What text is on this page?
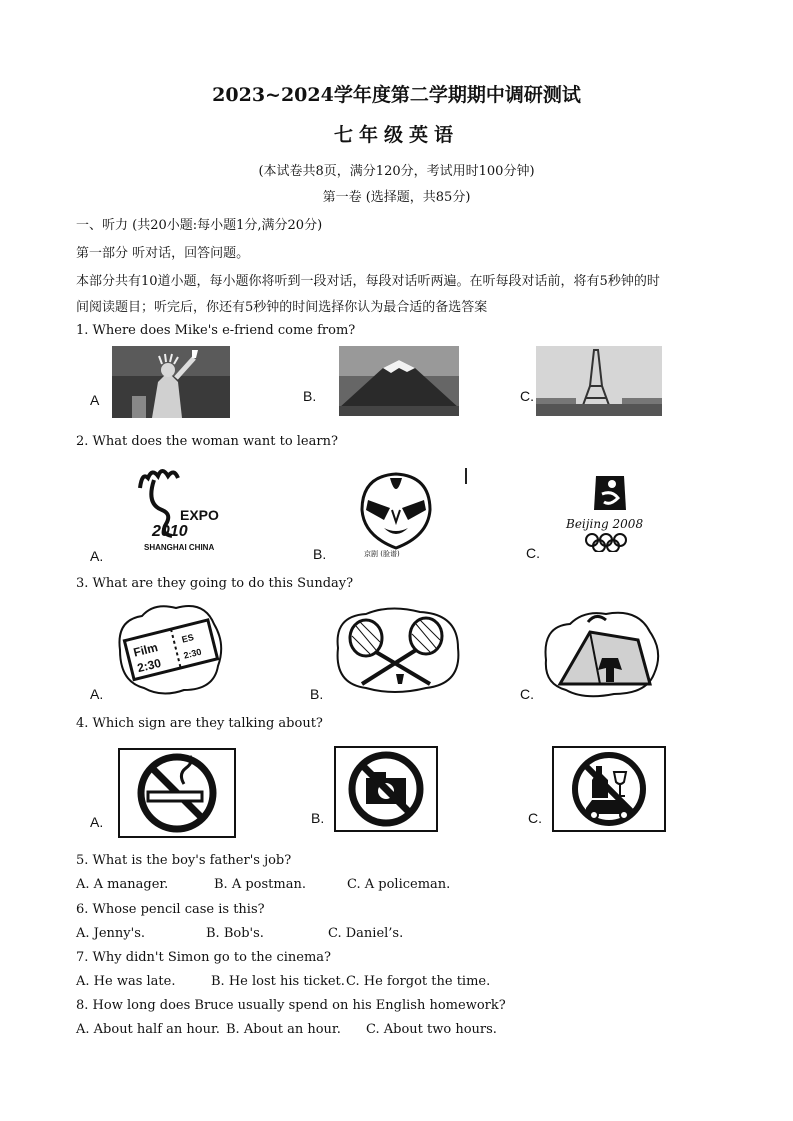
2023~2024学年度第二学期期中调研测试
七年级英语
(本试卷共8页，满分120分，考试用时100分钟)
第一卷 (选择题，共85分)
一、听力 (共20小题:每小题1分,满分20分)
第一部分 听对话，回答问题。
本部分共有10道小题，每小题你将听到一段对话，每段对话听两遍。在听每段对话前，将有5秒钟的时
间阅读题目；听完后，你还有5秒钟的时间选择你认为最合适的备选答案
1. Where does Mike's e-friend come from?
A	B.	C.
2. What does the woman want to learn?
A.
EXPO
2010
SHANGHAI CHINA	B.	京剧 (脸谱)	C.
Beijing 2008
3. What are they going to do this Sunday?
A.
Film
2:30
ES
2:30
B.	C.
4. Which sign are they talking about?
A.	B.	C.
5. What is the boy's father's job?
A. A manager.	B. A postman.	C. A policeman.
6. Whose pencil case is this?
A. Jenny's.	B. Bob's.	C. Daniel’s.
7. Why didn't Simon go to the cinema?
A. He was late.	B. He lost his ticket. C. He forgot the time.
8. How long does Bruce usually spend on his English homework?
A. About half an hour. B. About an hour. C. About two hours.
